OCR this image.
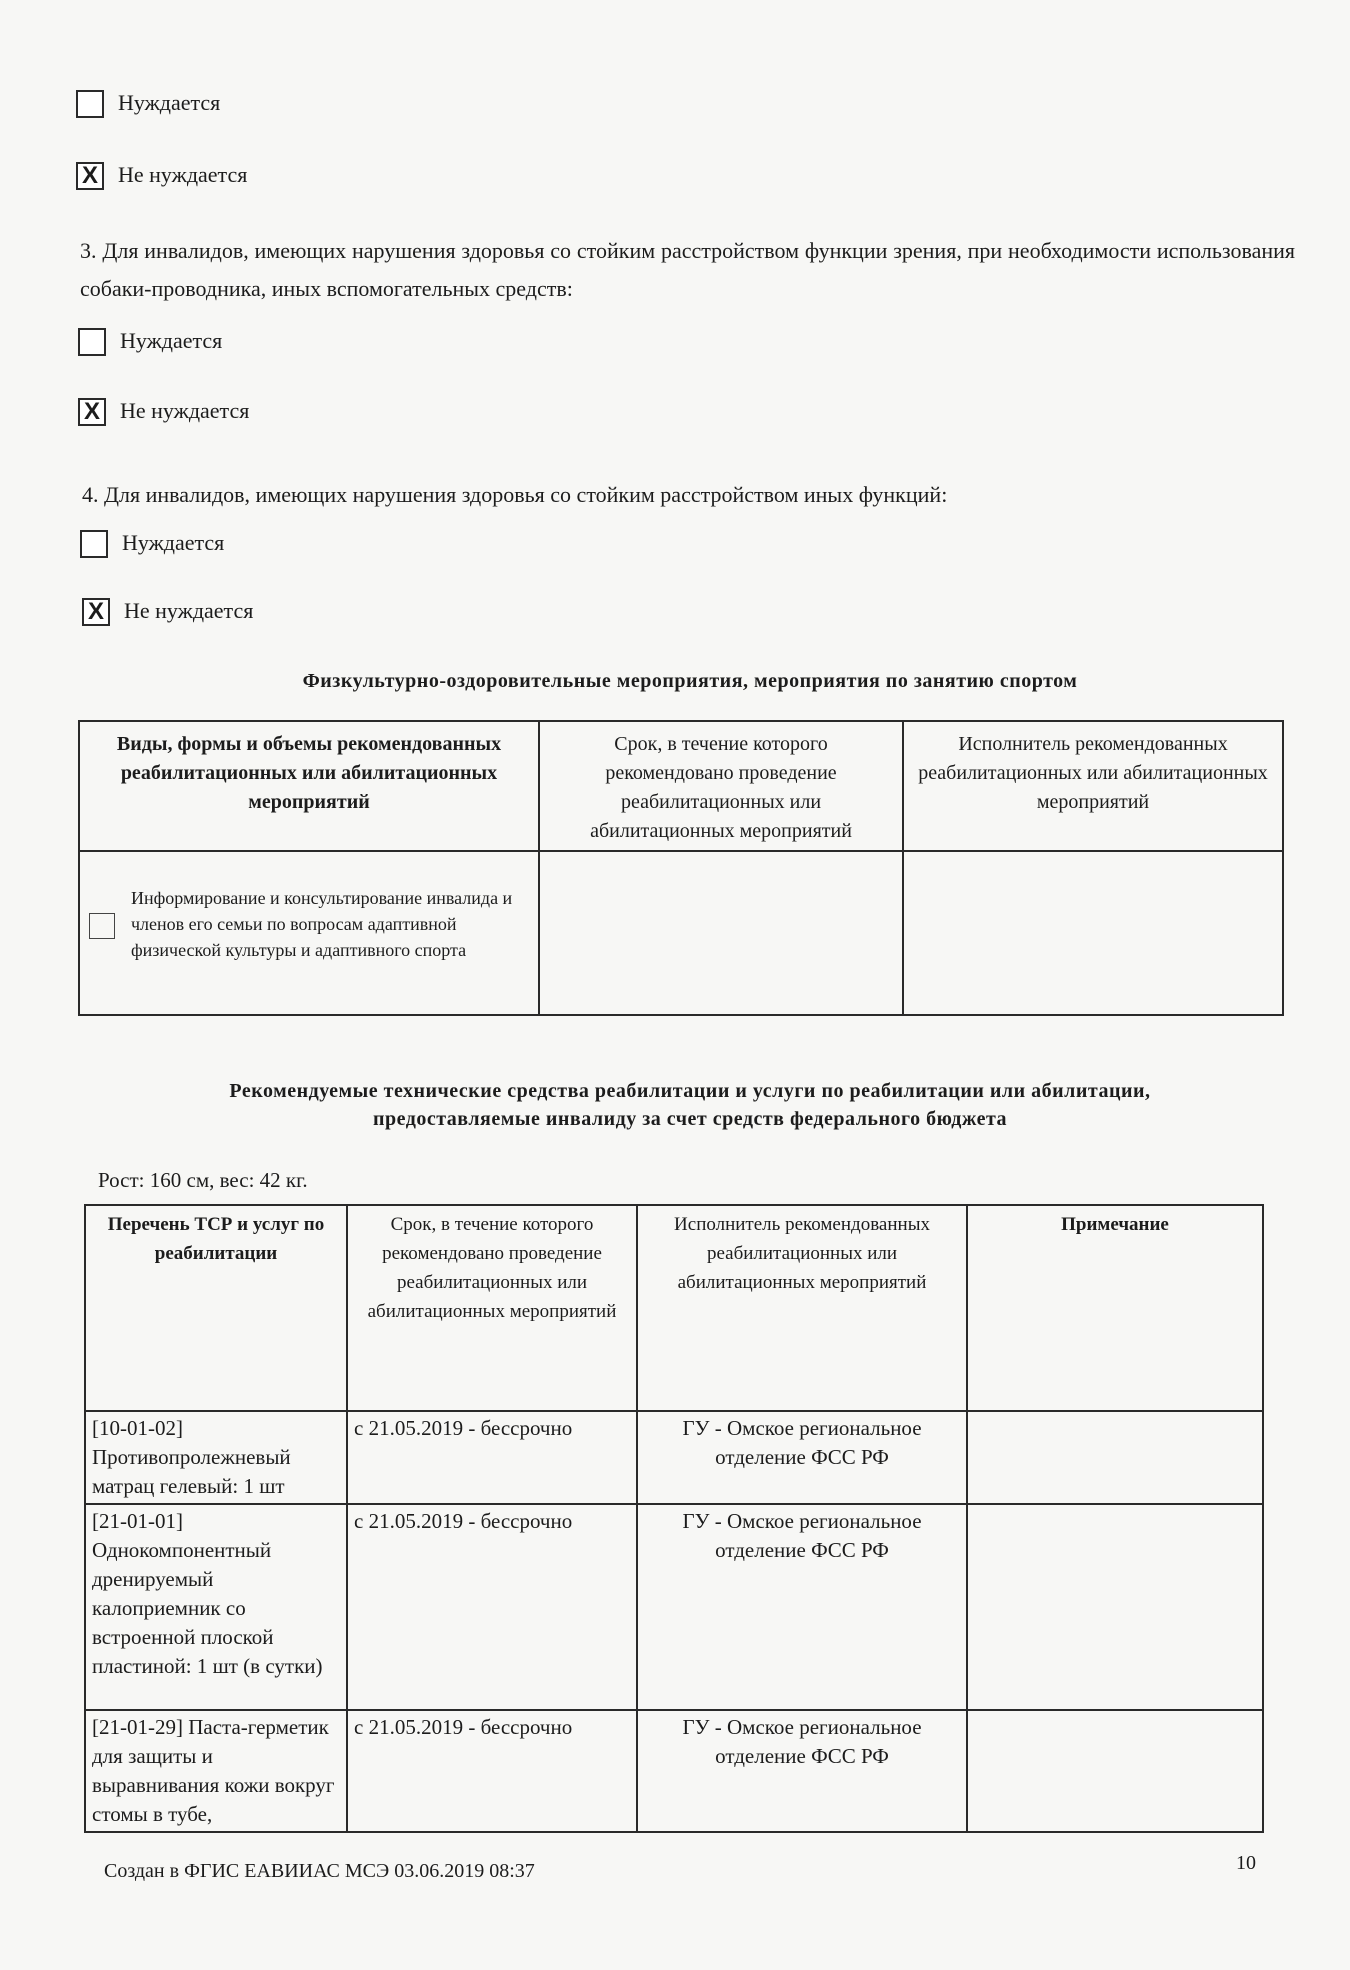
Нуждается
X
Не нуждается
3. Для инвалидов, имеющих нарушения здоровья со стойким расстройством функции зрения, при необходимости использования собаки-проводника, иных вспомогательных средств:
Нуждается
X
Не нуждается
4. Для инвалидов, имеющих нарушения здоровья со стойким расстройством иных функций:
Нуждается
X
Не нуждается
Физкультурно-оздоровительные мероприятия, мероприятия по занятию спортом
Виды, формы и объемы рекомендованных реабилитационных или абилитационных мероприятий	Срок, в течение которого рекомендовано проведение реабилитационных или абилитационных мероприятий	Исполнитель рекомендованных реабилитационных или абилитационных мероприятий

Информирование и консультирование инвалида и членов его семьи по вопросам адаптивной физической культуры и адаптивного спорта		

Рекомендуемые технические средства реабилитации и услуги по реабилитации или абилитации,
предоставляемые инвалиду за счет средств федерального бюджета
Рост: 160 см, вес: 42 кг.
Перечень ТСР и услуг по реабилитации	Срок, в течение которого рекомендовано проведение реабилитационных или абилитационных мероприятий	Исполнитель рекомендованных реабилитационных или абилитационных мероприятий	Примечание
[10-01-02] Противопролежневый матрац гелевый: 1 шт	с 21.05.2019 - бессрочно	ГУ - Омское региональное отделение ФСС РФ	
[21-01-01] Однокомпонентный дренируемый калоприемник со встроенной плоской пластиной: 1 шт (в сутки)	с 21.05.2019 - бессрочно	ГУ - Омское региональное отделение ФСС РФ	
[21-01-29] Паста-герметик для защиты и выравнивания кожи вокруг стомы в тубе,	с 21.05.2019 - бессрочно	ГУ - Омское региональное отделение ФСС РФ	
Создан в ФГИС ЕАВИИАС МСЭ 03.06.2019 08:37	10
